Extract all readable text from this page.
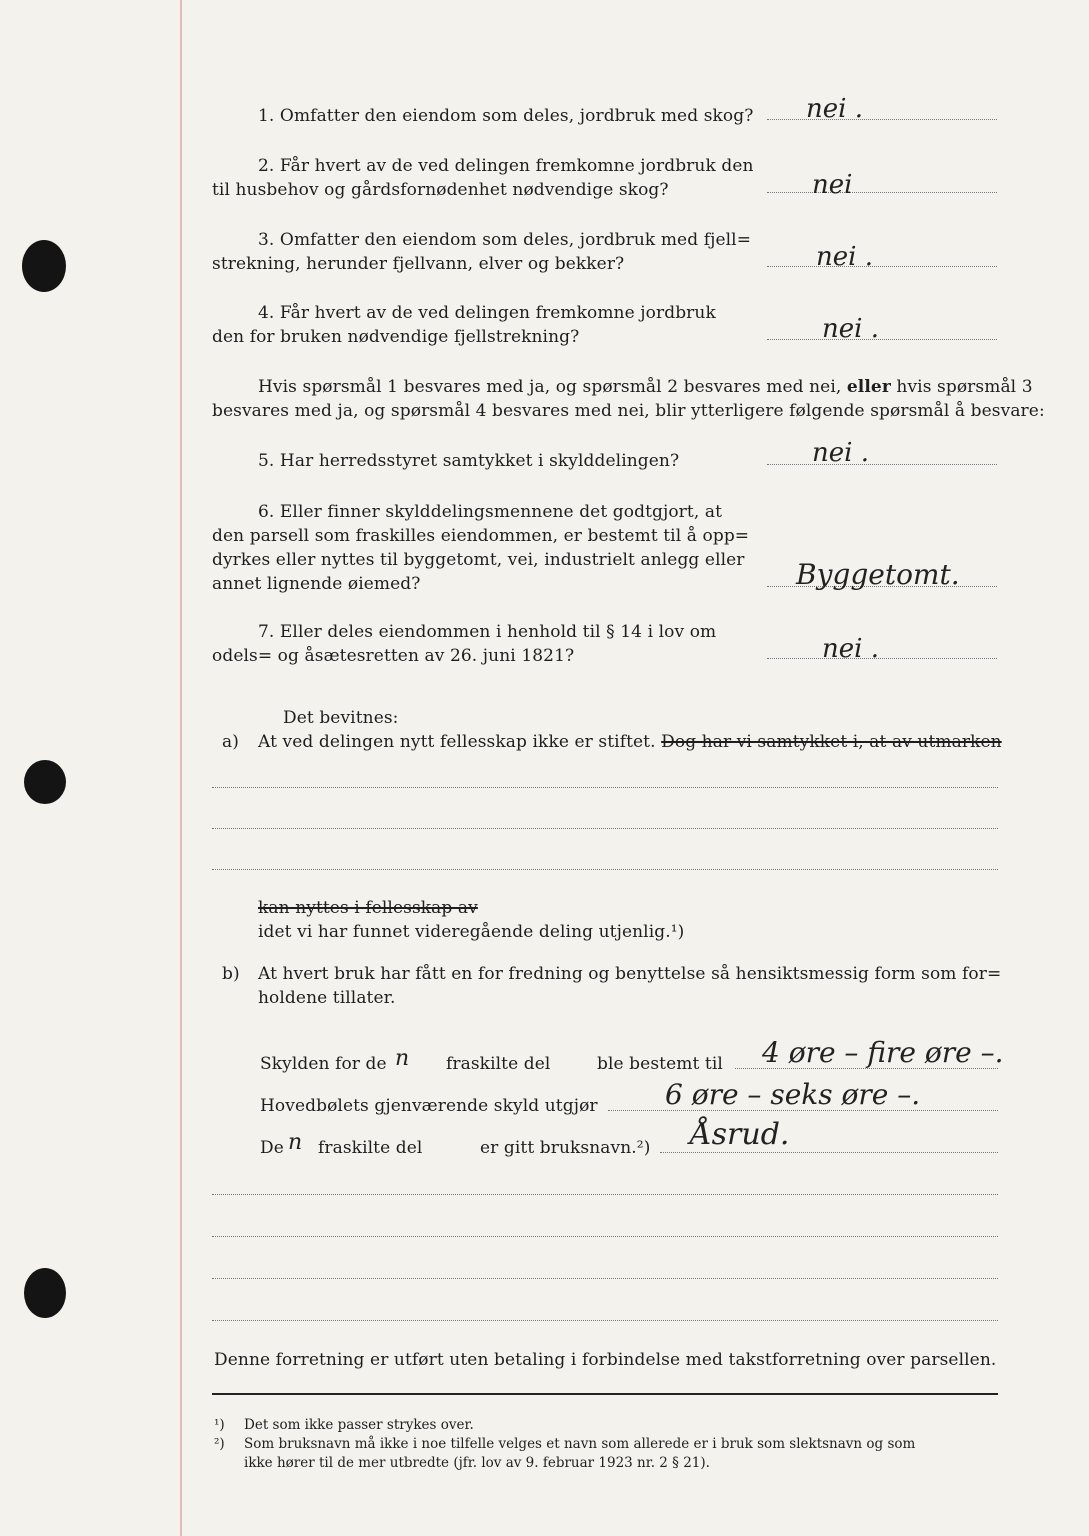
1. Omfatter den eiendom som deles, jordbruk med skog? nei .
2. Får hvert av de ved delingen fremkomne jordbruk den
til husbehov og gårdsfornødenhet nødvendige skog?	nei
3. Omfatter den eiendom som deles, jordbruk med fjell=
strekning, herunder fjellvann, elver og bekker?	nei .
4. Får hvert av de ved delingen fremkomne jordbruk
den for bruken nødvendige fjellstrekning?	nei .
Hvis spørsmål 1 besvares med ja, og spørsmål 2 besvares med nei, eller hvis spørsmål 3
besvares med ja, og spørsmål 4 besvares med nei, blir ytterligere følgende spørsmål å besvare:
5. Har herredsstyret samtykket i skylddelingen?	nei .
6. Eller finner skylddelingsmennene det godtgjort, at
den parsell som fraskilles eiendommen, er bestemt til å opp=
dyrkes eller nyttes til byggetomt, vei, industrielt anlegg eller
annet lignende øiemed?	Byggetomt.
7. Eller deles eiendommen i henhold til § 14 i lov om
odels= og åsætesretten av 26. juni 1821?	nei .
Det bevitnes:
a) At ved delingen nytt fellesskap ikke er stiftet. Dog har vi samtykket i, at av utmarken
kan nyttes i fellesskap av
idet vi har funnet videregående deling utjenlig.¹)
b) At hvert bruk har fått en for fredning og benyttelse så hensiktsmessig form som for=
holdene tillater.
Skylden for de n fraskilte del	ble bestemt til 4 øre – fire øre –.
Hovedbølets gjenværende skyld utgjør 6 øre – seks øre –.
De n fraskilte del	er gitt bruksnavn.²) Åsrud.
Denne forretning er utført uten betaling i forbindelse med takstforretning over parsellen.
¹) Det som ikke passer strykes over.
²) Som bruksnavn må ikke i noe tilfelle velges et navn som allerede er i bruk som slektsnavn og som
ikke hører til de mer utbredte (jfr. lov av 9. februar 1923 nr. 2 § 21).
